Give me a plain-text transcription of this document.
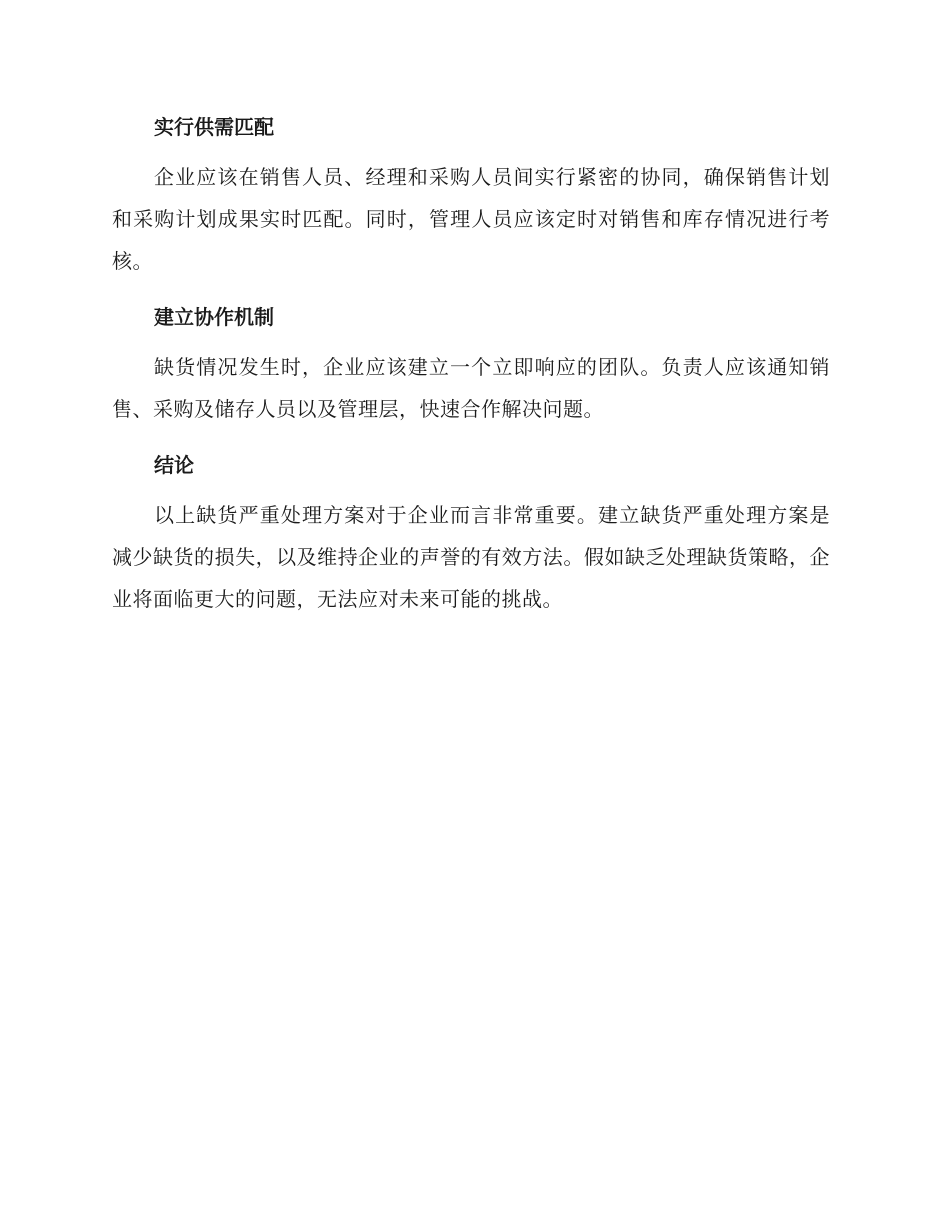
实行供需匹配
企业应该在销售人员、经理和采购人员间实行紧密的协同，确保销售计划和采购计划成果实时匹配。同时，管理人员应该定时对销售和库存情况进行考核。
建立协作机制
缺货情况发生时，企业应该建立一个立即响应的团队。负责人应该通知销售、采购及储存人员以及管理层，快速合作解决问题。
结论
以上缺货严重处理方案对于企业而言非常重要。建立缺货严重处理方案是减少缺货的损失，以及维持企业的声誉的有效方法。假如缺乏处理缺货策略，企业将面临更大的问题，无法应对未来可能的挑战。
